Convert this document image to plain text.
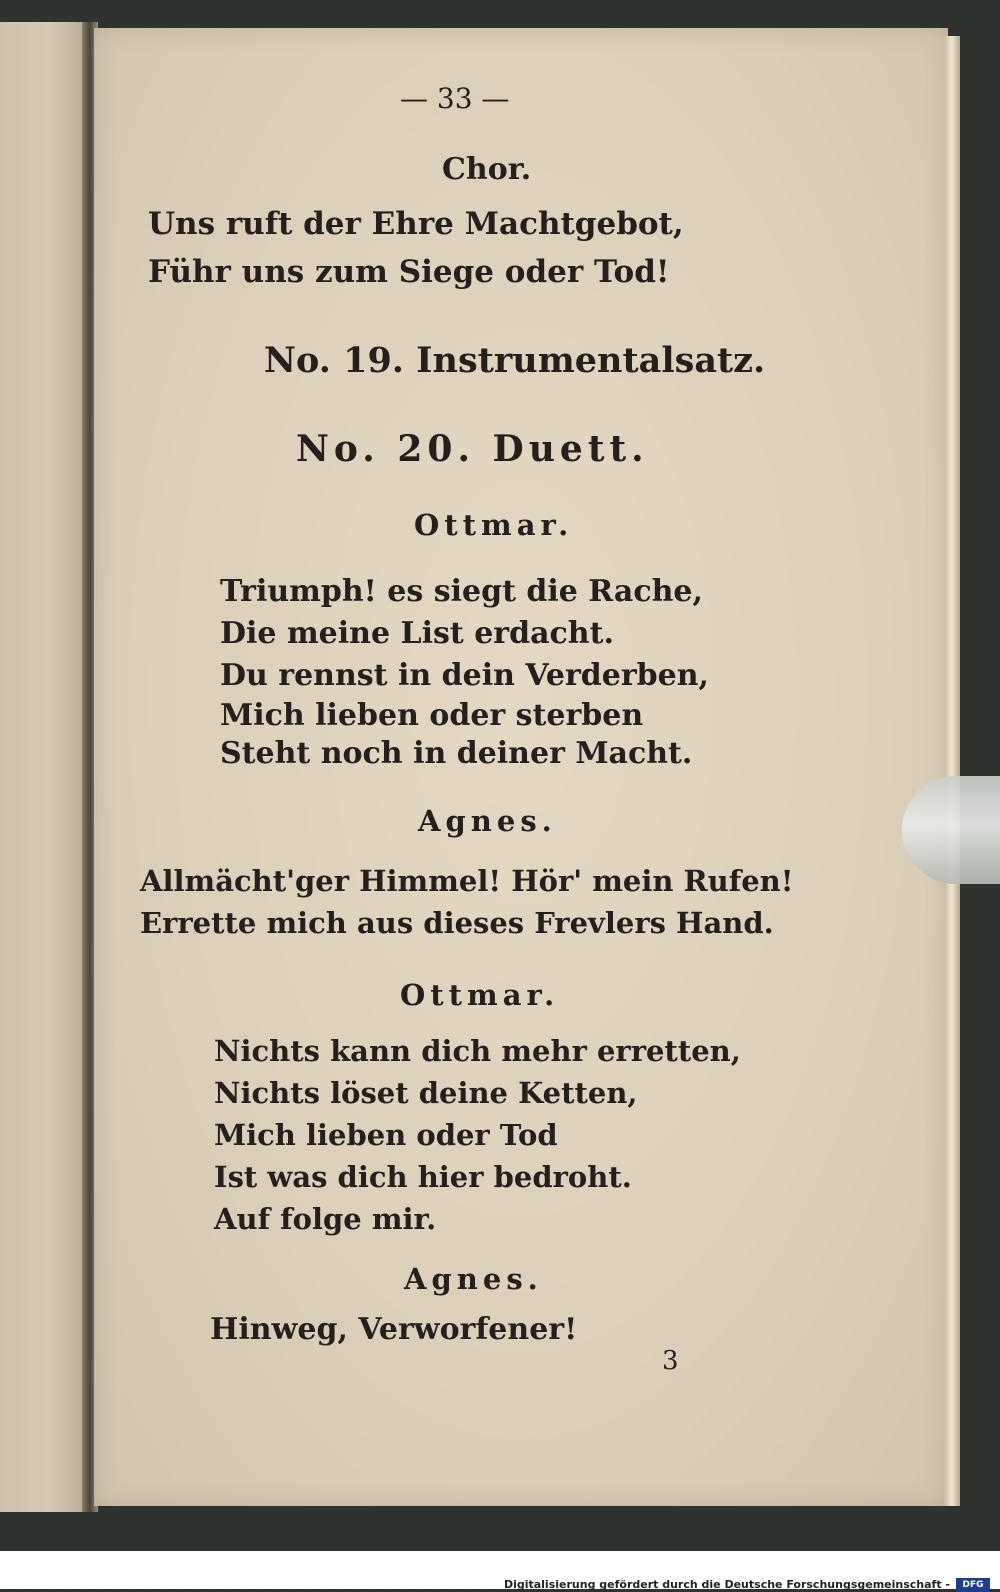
— 33 —

Chor.

Uns ruft der Ehre Machtgebot,

Führ uns zum Siege oder Tod!

No. 19. Instrumentalsatz.

No. 20. Duett.

Ottmar.

Triumph! es siegt die Rache,

Die meine List erdacht.

Du rennst in dein Verderben,

Mich lieben oder sterben

Steht noch in deiner Macht.

Agnes.

Allmächt'ger Himmel! Hör' mein Rufen!

Errette mich aus dieses Frevlers Hand.

Ottmar.

Nichts kann dich mehr erretten,

Nichts löset deine Ketten,

Mich lieben oder Tod

Ist was dich hier bedroht.

Auf folge mir.

Agnes.

Hinweg, Verworfener!

3

Digitalisierung gefördert durch die Deutsche Forschungsgemeinschaft -	DFG
